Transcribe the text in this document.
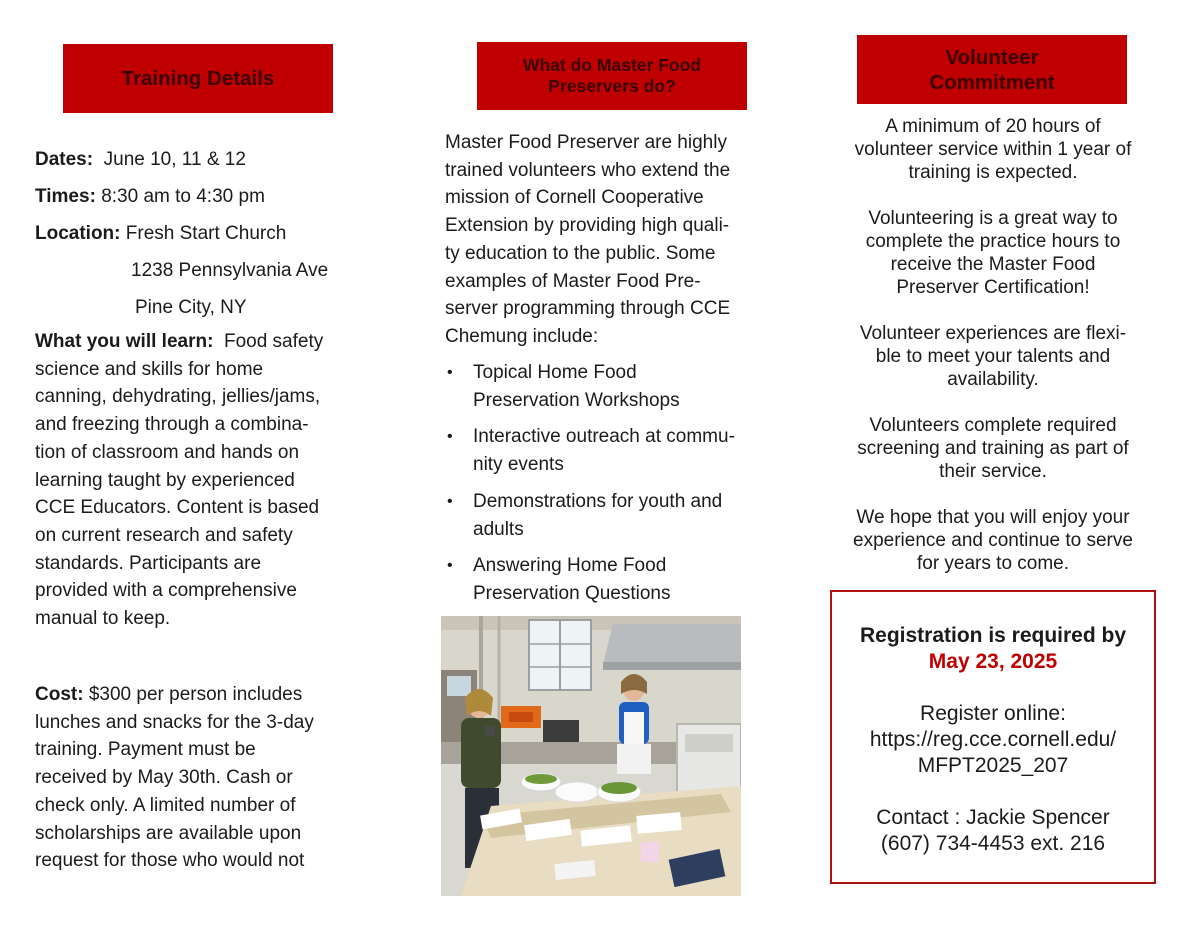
Training Details
Dates: June 10, 11 & 12
Times: 8:30 am to 4:30 pm
Location: Fresh Start Church
1238 Pennsylvania Ave
Pine City, NY
What you will learn: Food safety
science and skills for home
canning, dehydrating, jellies/jams,
and freezing through a combina-
tion of classroom and hands on
learning taught by experienced
CCE Educators. Content is based
on current research and safety
standards. Participants are
provided with a comprehensive
manual to keep.
Cost: $300 per person includes
lunches and snacks for the 3-day
training. Payment must be
received by May 30th. Cash or
check only. A limited number of
scholarships are available upon
request for those who would not
What do Master Food
Preservers do?
Master Food Preserver are highly
trained volunteers who extend the
mission of Cornell Cooperative
Extension by providing high quali-
ty education to the public. Some
examples of Master Food Pre-
server programming through CCE
Chemung include:
• Topical Home Food
Preservation Workshops
• Interactive outreach at commu-
nity events
• Demonstrations for youth and
adults
• Answering Home Food
Preservation Questions
Volunteer
Commitment
A minimum of 20 hours of
volunteer service within 1 year of
training is expected.
Volunteering is a great way to
complete the practice hours to
receive the Master Food
Preserver Certification!
Volunteer experiences are flexi-
ble to meet your talents and
availability.
Volunteers complete required
screening and training as part of
their service.
We hope that you will enjoy your
experience and continue to serve
for years to come.
Registration is required by
May 23, 2025
Register online:
https://reg.cce.cornell.edu/
MFPT2025_207
Contact : Jackie Spencer
(607) 734-4453 ext. 216
